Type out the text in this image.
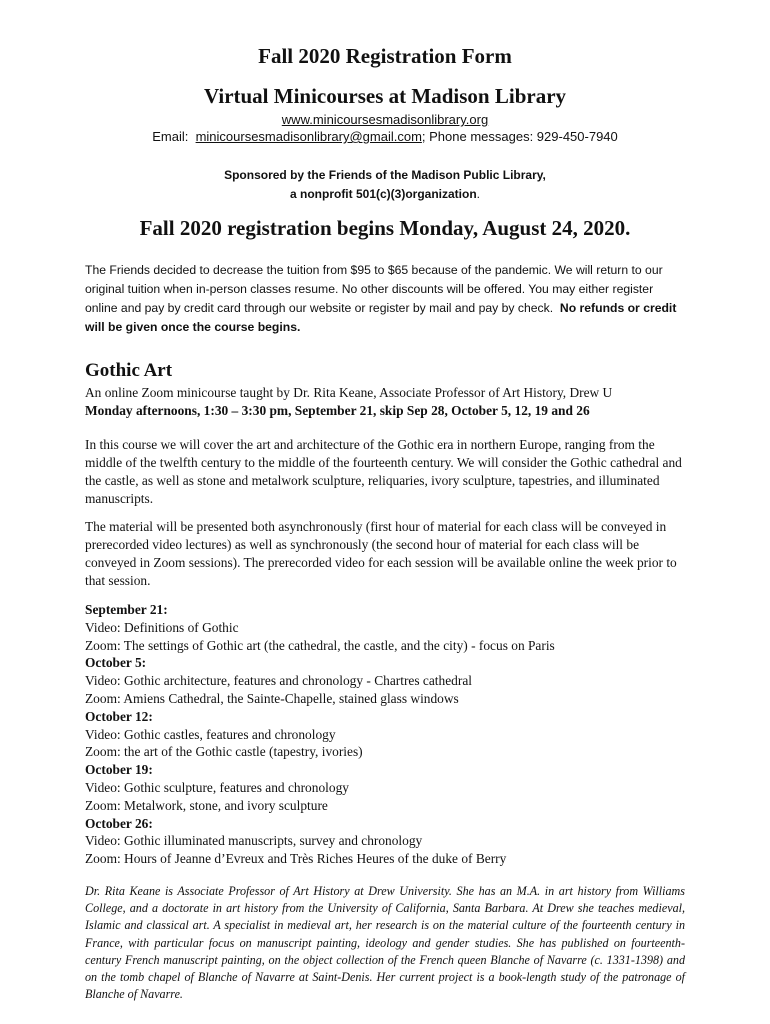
Fall 2020 Registration Form
Virtual Minicourses at Madison Library
www.minicoursesmadisonlibrary.org
Email: minicoursesmadisonlibrary@gmail.com; Phone messages: 929-450-7940
Sponsored by the Friends of the Madison Public Library,
a nonprofit 501(c)(3)organization.
Fall 2020 registration begins Monday, August 24, 2020.
The Friends decided to decrease the tuition from $95 to $65 because of the pandemic. We will return to our original tuition when in-person classes resume. No other discounts will be offered. You may either register online and pay by credit card through our website or register by mail and pay by check. No refunds or credit will be given once the course begins.
Gothic Art
An online Zoom minicourse taught by Dr. Rita Keane, Associate Professor of Art History, Drew U
Monday afternoons, 1:30 – 3:30 pm, September 21, skip Sep 28, October 5, 12, 19 and 26

In this course we will cover the art and architecture of the Gothic era in northern Europe, ranging from the middle of the twelfth century to the middle of the fourteenth century. We will consider the Gothic cathedral and the castle, as well as stone and metalwork sculpture, reliquaries, ivory sculpture, tapestries, and illuminated manuscripts.

The material will be presented both asynchronously (first hour of material for each class will be conveyed in prerecorded video lectures) as well as synchronously (the second hour of material for each class will be conveyed in Zoom sessions). The prerecorded video for each session will be available online the week prior to that session.

September 21:
Video: Definitions of Gothic
Zoom: The settings of Gothic art (the cathedral, the castle, and the city) - focus on Paris
October 5:
Video: Gothic architecture, features and chronology - Chartres cathedral
Zoom: Amiens Cathedral, the Sainte-Chapelle, stained glass windows
October 12:
Video: Gothic castles, features and chronology
Zoom: the art of the Gothic castle (tapestry, ivories)
October 19:
Video: Gothic sculpture, features and chronology
Zoom: Metalwork, stone, and ivory sculpture
October 26:
Video: Gothic illuminated manuscripts, survey and chronology
Zoom: Hours of Jeanne d’Evreux and Très Riches Heures of the duke of Berry

Dr. Rita Keane is Associate Professor of Art History at Drew University. She has an M.A. in art history from Williams College, and a doctorate in art history from the University of California, Santa Barbara. At Drew she teaches medieval, Islamic and classical art. A specialist in medieval art, her research is on the material culture of the fourteenth century in France, with particular focus on manuscript painting, ideology and gender studies. She has published on fourteenth-century French manuscript painting, on the object collection of the French queen Blanche of Navarre (c. 1331-1398) and on the tomb chapel of Blanche of Navarre at Saint-Denis. Her current project is a book-length study of the patronage of Blanche of Navarre.
